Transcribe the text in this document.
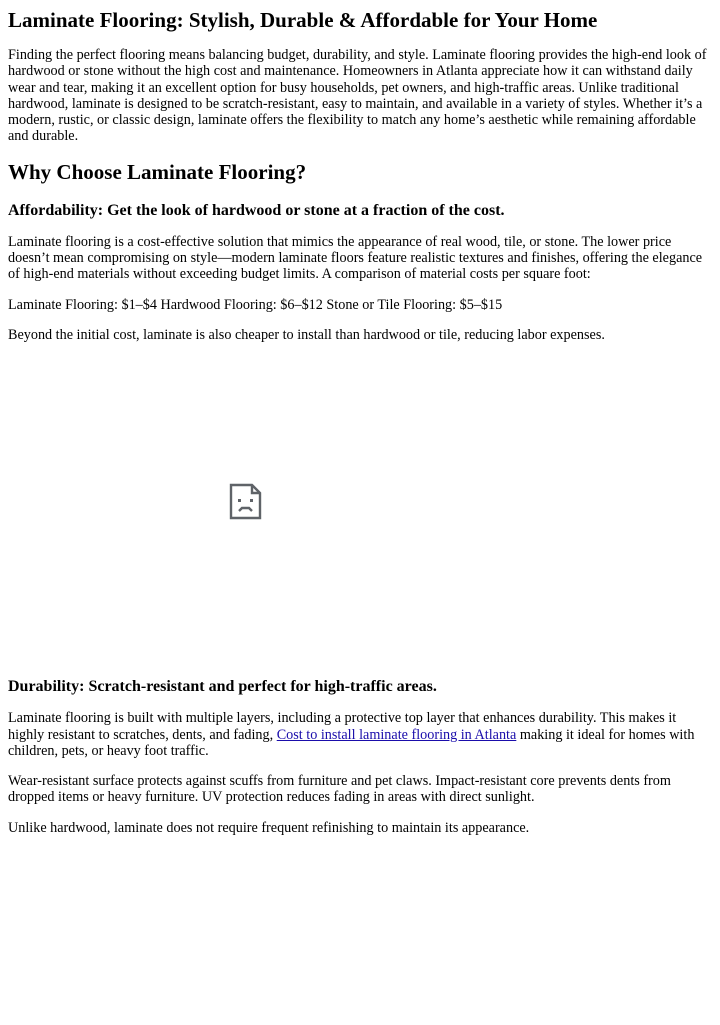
Laminate Flooring: Stylish, Durable & Affordable for Your Home

Finding the perfect flooring means balancing budget, durability, and style. Laminate flooring provides the high-end look of hardwood or stone without the high cost and maintenance. Homeowners in Atlanta appreciate how it can withstand daily wear and tear, making it an excellent option for busy households, pet owners, and high-traffic areas. Unlike traditional hardwood, laminate is designed to be scratch-resistant, easy to maintain, and available in a variety of styles. Whether it’s a modern, rustic, or classic design, laminate offers the flexibility to match any home’s aesthetic while remaining affordable and durable.

Why Choose Laminate Flooring?
Affordability: Get the look of hardwood or stone at a fraction of the cost.

Laminate flooring is a cost-effective solution that mimics the appearance of real wood, tile, or stone. The lower price doesn’t mean compromising on style—modern laminate floors feature realistic textures and finishes, offering the elegance of high-end materials without exceeding budget limits. A comparison of material costs per square foot:

Laminate Flooring: $1–$4 Hardwood Flooring: $6–$12 Stone or Tile Flooring: $5–$15

Beyond the initial cost, laminate is also cheaper to install than hardwood or tile, reducing labor expenses.

Durability: Scratch-resistant and perfect for high-traffic areas.

Laminate flooring is built with multiple layers, including a protective top layer that enhances durability. This makes it highly resistant to scratches, dents, and fading, Cost to install laminate flooring in Atlanta making it ideal for homes with children, pets, or heavy foot traffic.

Wear-resistant surface protects against scuffs from furniture and pet claws. Impact-resistant core prevents dents from dropped items or heavy furniture. UV protection reduces fading in areas with direct sunlight.

Unlike hardwood, laminate does not require frequent refinishing to maintain its appearance.
